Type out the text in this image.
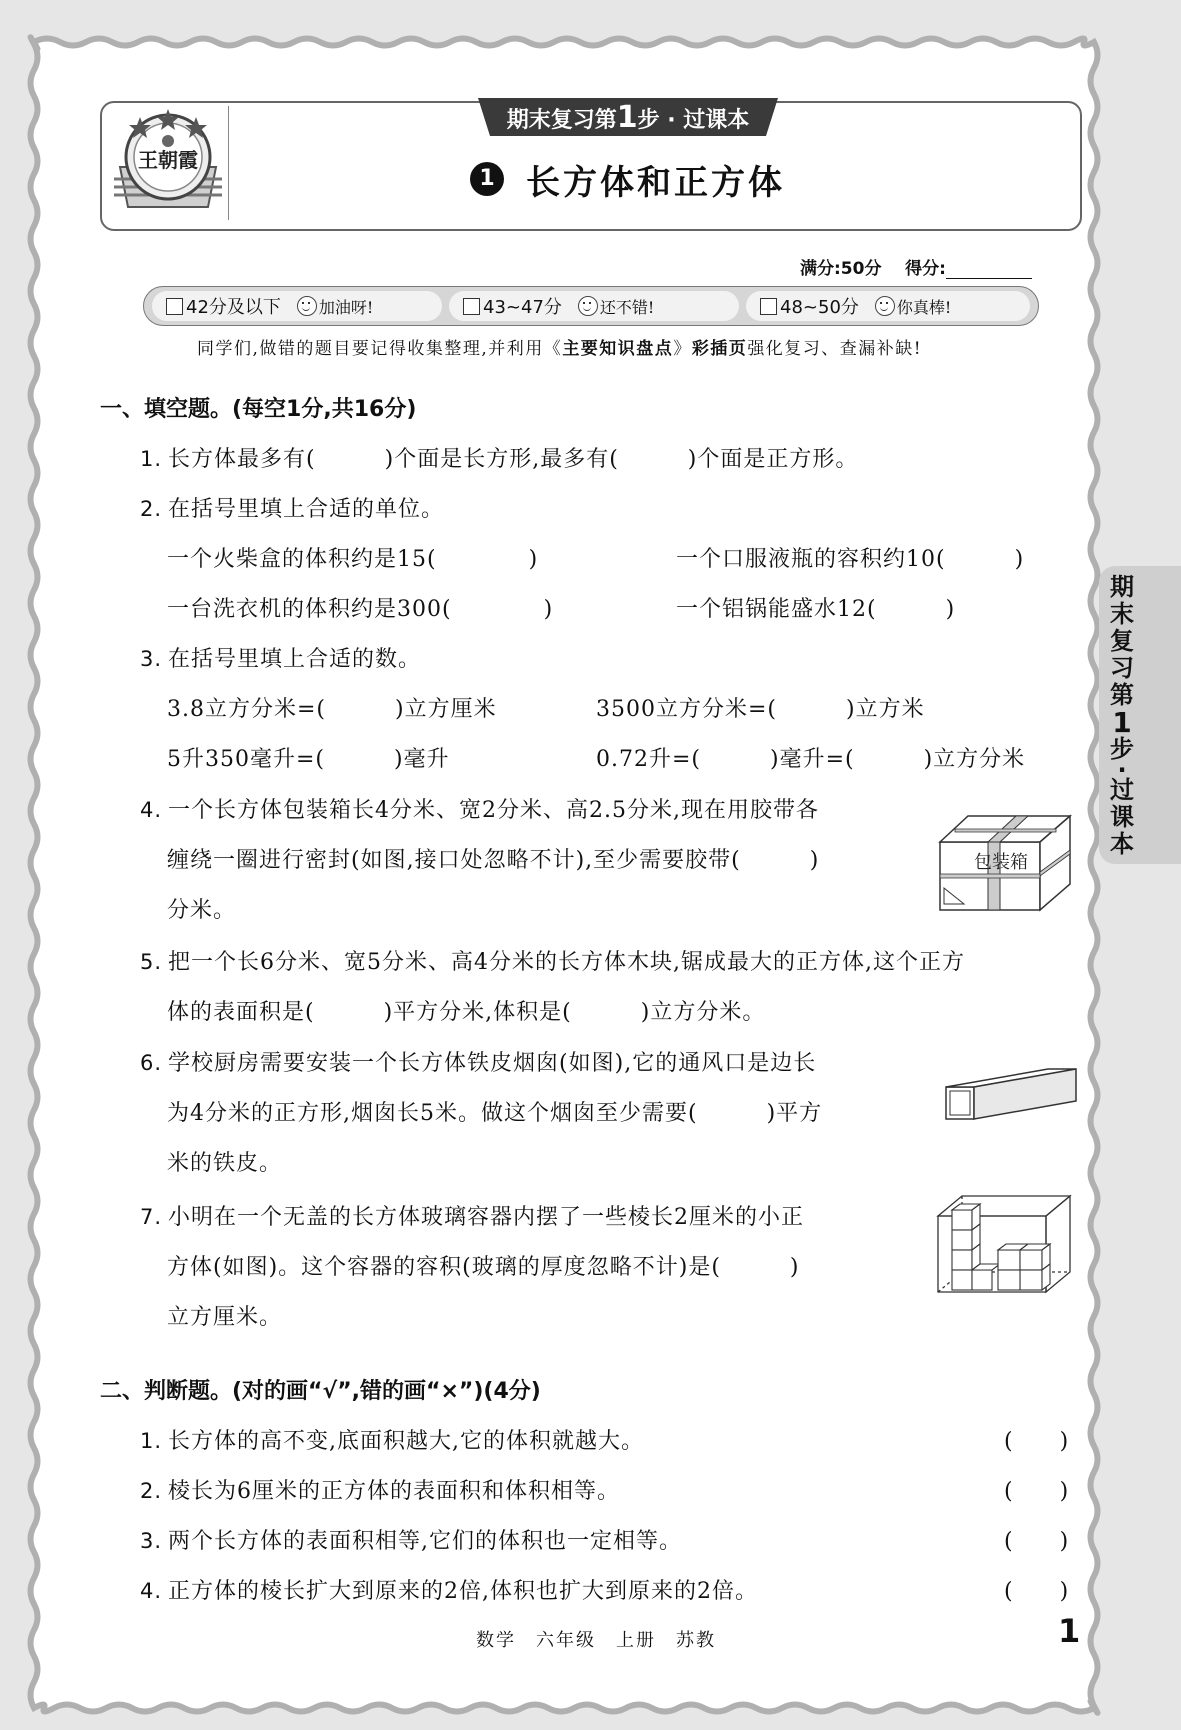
王朝霞
期末复习第1步 · 过课本
1 长方体和正方体
满分:50分 得分:
42分及以下 加油呀!	43~47分 还不错!	48~50分 你真棒!
同学们,做错的题目要记得收集整理,并利用《主要知识盘点》彩插页强化复习、查漏补缺!
一、填空题。(每空1分,共16分)
1. 长方体最多有(　　　)个面是长方形,最多有(　　　)个面是正方形。
2. 在括号里填上合适的单位。
一个火柴盒的体积约是15(　　　　)	一个口服液瓶的容积约10(　　　)
一台洗衣机的体积约是300(　　　　)	一个铝锅能盛水12(　　　)
3. 在括号里填上合适的数。
3.8立方分米=(　　　)立方厘米	3500立方分米=(　　　)立方米
5升350毫升=(　　　)毫升	0.72升=(　　　)毫升=(　　　)立方分米
4. 一个长方体包装箱长4分米、宽2分米、高2.5分米,现在用胶带各
缠绕一圈进行密封(如图,接口处忽略不计),至少需要胶带(　　　)
分米。
包装箱
5. 把一个长6分米、宽5分米、高4分米的长方体木块,锯成最大的正方体,这个正方
体的表面积是(　　　)平方分米,体积是(　　　)立方分米。
6. 学校厨房需要安装一个长方体铁皮烟囱(如图),它的通风口是边长
为4分米的正方形,烟囱长5米。做这个烟囱至少需要(　　　)平方
米的铁皮。
7. 小明在一个无盖的长方体玻璃容器内摆了一些棱长2厘米的小正
方体(如图)。这个容器的容积(玻璃的厚度忽略不计)是(　　　)
立方厘米。
二、判断题。(对的画“√”,错的画“×”)(4分)
1. 长方体的高不变,底面积越大,它的体积就越大。	(　　)
2. 棱长为6厘米的正方体的表面积和体积相等。	(　　)
3. 两个长方体的表面积相等,它们的体积也一定相等。	(　　)
4. 正方体的棱长扩大到原来的2倍,体积也扩大到原来的2倍。	(　　)
期
末
复
习
第
1
步
·
过
课
本
数学　六年级　上册　苏教	1
